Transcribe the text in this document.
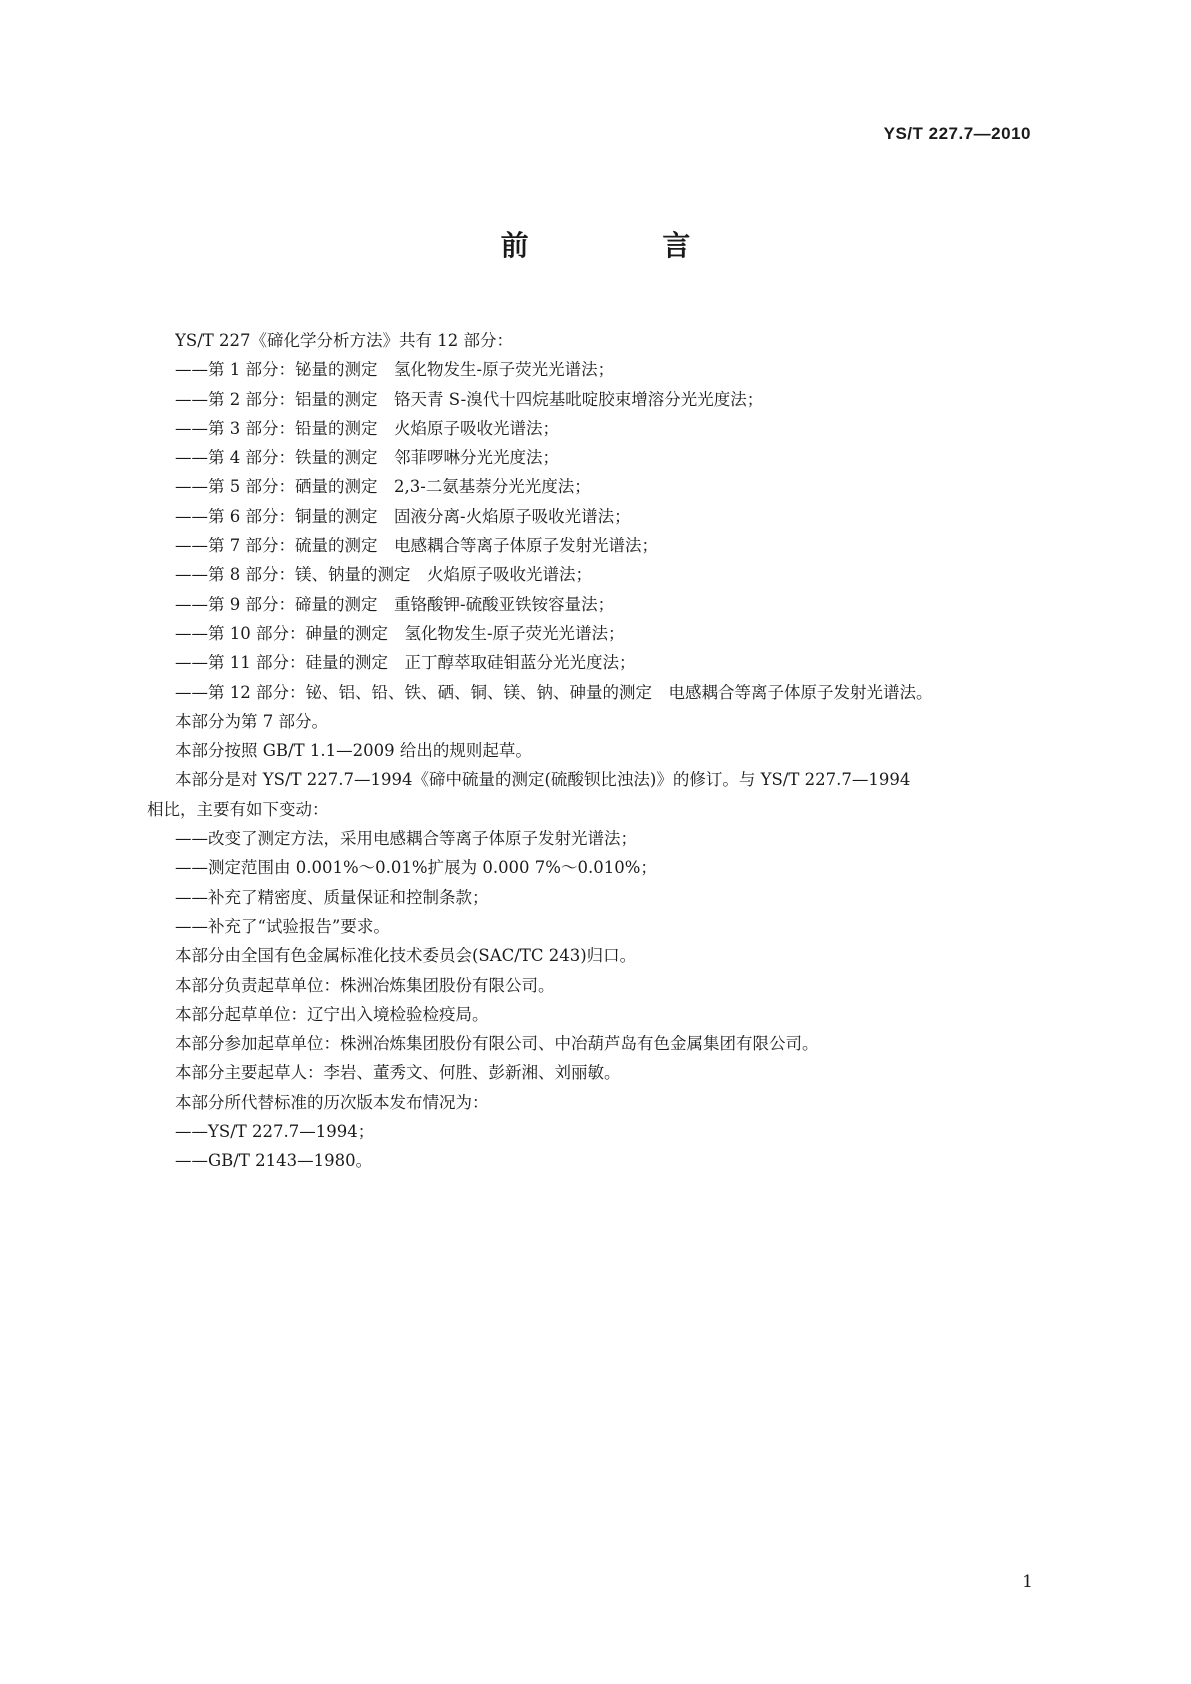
YS/T 227.7—2010
前 言
YS/T 227《碲化学分析方法》共有 12 部分：
——第 1 部分：铋量的测定　氢化物发生-原子荧光光谱法；
——第 2 部分：铝量的测定　铬天青 S-溴代十四烷基吡啶胶束增溶分光光度法；
——第 3 部分：铅量的测定　火焰原子吸收光谱法；
——第 4 部分：铁量的测定　邻菲啰啉分光光度法；
——第 5 部分：硒量的测定　2,3-二氨基萘分光光度法；
——第 6 部分：铜量的测定　固液分离-火焰原子吸收光谱法；
——第 7 部分：硫量的测定　电感耦合等离子体原子发射光谱法；
——第 8 部分：镁、钠量的测定　火焰原子吸收光谱法；
——第 9 部分：碲量的测定　重铬酸钾-硫酸亚铁铵容量法；
——第 10 部分：砷量的测定　氢化物发生-原子荧光光谱法；
——第 11 部分：硅量的测定　正丁醇萃取硅钼蓝分光光度法；
——第 12 部分：铋、铝、铅、铁、硒、铜、镁、钠、砷量的测定　电感耦合等离子体原子发射光谱法。
本部分为第 7 部分。
本部分按照 GB/T 1.1—2009 给出的规则起草。
本部分是对 YS/T 227.7—1994《碲中硫量的测定(硫酸钡比浊法)》的修订。与 YS/T 227.7—1994
相比，主要有如下变动：
——改变了测定方法，采用电感耦合等离子体原子发射光谱法；
——测定范围由 0.001%～0.01%扩展为 0.000 7%～0.010%；
——补充了精密度、质量保证和控制条款；
——补充了“试验报告”要求。
本部分由全国有色金属标准化技术委员会(SAC/TC 243)归口。
本部分负责起草单位：株洲冶炼集团股份有限公司。
本部分起草单位：辽宁出入境检验检疫局。
本部分参加起草单位：株洲冶炼集团股份有限公司、中冶葫芦岛有色金属集团有限公司。
本部分主要起草人：李岩、董秀文、何胜、彭新湘、刘丽敏。
本部分所代替标准的历次版本发布情况为：
——YS/T 227.7—1994；
——GB/T 2143—1980。
1
